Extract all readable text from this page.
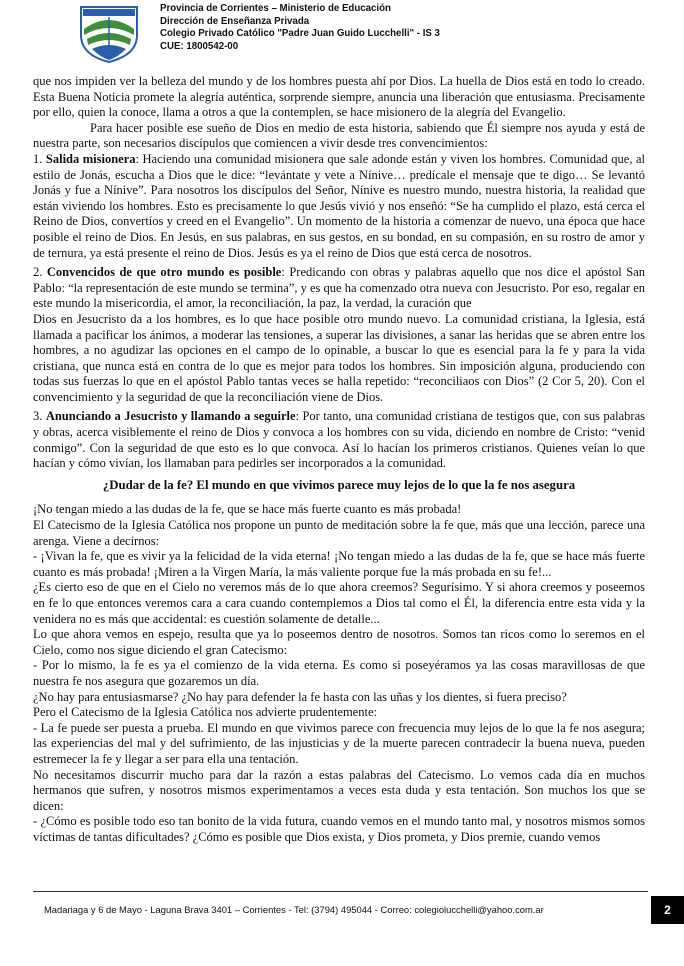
Provincia de Corrientes – Ministerio de Educación
Dirección de Enseñanza Privada
Colegio Privado Católico "Padre Juan Guido Lucchelli" - IS 3
CUE: 1800542-00

que nos impiden ver la belleza del mundo y de los hombres puesta ahí por Dios. La huella de Dios está en todo lo creado. Esta Buena Noticia promete la alegría auténtica, sorprende siempre, anuncia una liberación que entusiasma. Precisamente por ello, quien la conoce, llama a otros a que la contemplen, se hace misionero de la alegría del Evangelio.

Para hacer posible ese sueño de Dios en medio de esta historia, sabiendo que Él siempre nos ayuda y está de nuestra parte, son necesarios discípulos que comiencen a vivir desde tres convencimientos:

1. Salida misionera: Haciendo una comunidad misionera que sale adonde están y viven los hombres. Comunidad que, al estilo de Jonás, escucha a Dios que le dice: “levántate y vete a Nínive… predícale el mensaje que te digo… Se levantó Jonás y fue a Nínive”. Para nosotros los discípulos del Señor, Nínive es nuestro mundo, nuestra historia, la realidad que están viviendo los hombres. Esto es precisamente lo que Jesús vivió y nos enseñó: “Se ha cumplido el plazo, está cerca el Reino de Dios, convertíos y creed en el Evangelio”. Un momento de la historia a comenzar de nuevo, una época que hace posible el reino de Dios. En Jesús, en sus palabras, en sus gestos, en su bondad, en su compasión, en su rostro de amor y de ternura, ya está presente el reino de Dios. Jesús es ya el reino de Dios que está cerca de nosotros.

2. Convencidos de que otro mundo es posible: Predicando con obras y palabras aquello que nos dice el apóstol San Pablo: “la representación de este mundo se termina”, y es que ha comenzado otra nueva con Jesucristo. Por eso, regalar en este mundo la misericordia, el amor, la reconciliación, la paz, la verdad, la curación que

Dios en Jesucristo da a los hombres, es lo que hace posible otro mundo nuevo. La comunidad cristiana, la Iglesia, está llamada a pacificar los ánimos, a moderar las tensiones, a superar las divisiones, a sanar las heridas que se abren entre los hombres, a no agudizar las opciones en el campo de lo opinable, a buscar lo que es esencial para la fe y para la vida cristiana, que nunca está en contra de lo que es mejor para todos los hombres. Sin imposición alguna, produciendo con todas sus fuerzas lo que en el apóstol Pablo tantas veces se halla repetido: “reconciliaos con Dios” (2 Cor 5, 20). Con el convencimiento y la seguridad de que la reconciliación viene de Dios.

3. Anunciando a Jesucristo y llamando a seguirle: Por tanto, una comunidad cristiana de testigos que, con sus palabras y obras, acerca visiblemente el reino de Dios y convoca a los hombres con su vida, diciendo en nombre de Cristo: “venid conmigo”. Con la seguridad de que esto es lo que convoca. Así lo hacían los primeros cristianos. Quienes veían lo que hacían y cómo vivían, los llamaban para pedirles ser incorporados a la comunidad.

¿Dudar de la fe? El mundo en que vivimos parece muy lejos de lo que la fe nos asegura

¡No tengan miedo a las dudas de la fe, que se hace más fuerte cuanto es más probada!

El Catecismo de la Iglesia Católica nos propone un punto de meditación sobre la fe que, más que una lección, parece una arenga. Viene a decirnos:

- ¡Vivan la fe, que es vivir ya la felicidad de la vida eterna! ¡No tengan miedo a las dudas de la fe, que se hace más fuerte cuanto es más probada! ¡Miren a la Virgen María, la más valiente porque fue la más probada en su fe!...

¿Es cierto eso de que en el Cielo no veremos más de lo que ahora creemos? Segurísimo. Y si ahora creemos y poseemos en fe lo que entonces veremos cara a cara cuando contemplemos a Dios tal como el Él, la diferencia entre esta vida y la venidera no es más que accidental: es cuestión solamente de detalle...

Lo que ahora vemos en espejo, resulta que ya lo poseemos dentro de nosotros. Somos tan ricos como lo seremos en el Cielo, como nos sigue diciendo el gran Catecismo:

- Por lo mismo, la fe es ya el comienzo de la vida eterna. Es como si poseyéramos ya las cosas maravillosas de que nuestra fe nos asegura que gozaremos un día.

¿No hay para entusiasmarse? ¿No hay para defender la fe hasta con las uñas y los dientes, si fuera preciso?

Pero el Catecismo de la Iglesia Católica nos advierte prudentemente:

- La fe puede ser puesta a prueba. El mundo en que vivimos parece con frecuencia muy lejos de lo que la fe nos asegura; las experiencias del mal y del sufrimiento, de las injusticias y de la muerte parecen contradecir la buena nueva, pueden estremecer la fe y llegar a ser para ella una tentación.

No necesitamos discurrir mucho para dar la razón a estas palabras del Catecismo. Lo vemos cada día en muchos hermanos que sufren, y nosotros mismos experimentamos a veces esta duda y esta tentación. Son muchos los que se dicen:

- ¿Cómo es posible todo eso tan bonito de la vida futura, cuando vemos en el mundo tanto mal, y nosotros mismos somos víctimas de tantas dificultades? ¿Cómo es posible que Dios exista, y Dios prometa, y Dios premie, cuando vemos

Madariaga y 6 de Mayo - Laguna Brava 3401 – Corrientes - Tel: (3794) 495044 - Correo: colegiolucchelli@yahoo.com.ar	2
